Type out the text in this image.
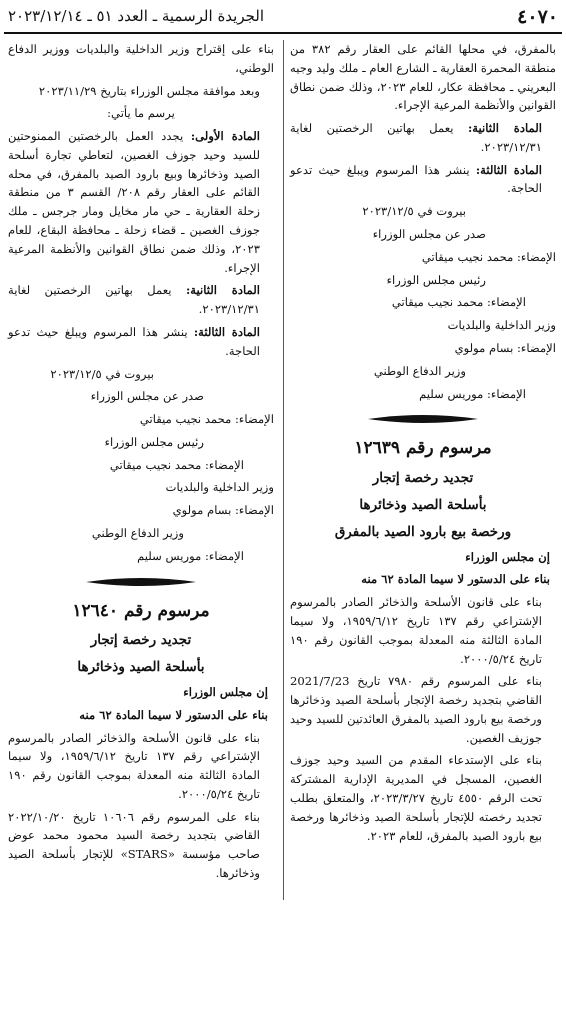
٤٠٧٠
الجريدة الرسمية ـ العدد ٥١ ـ ٢٠٢٣/١٢/١٤

بالمفرق، في محلها القائم على العقار رقم ٣٨٢ من منطقة المحمرة العقارية ـ الشارع العام ـ ملك وليد وجيه البعريني ـ محافظة عكار، للعام ٢٠٢٣، وذلك ضمن نطاق القوانين والأنظمة المرعية الإجراء.

المادة الثانية: يعمل بهاتين الرخصتين لغاية ٢٠٢٣/١٢/٣١.

المادة الثالثة: ينشر هذا المرسوم ويبلغ حيث تدعو الحاجة.

بيروت في ٢٠٢٣/١٢/٥

صدر عن مجلس الوزراء

الإمضاء: محمد نجيب ميقاتي

رئيس مجلس الوزراء

الإمضاء: محمد نجيب ميقاتي

وزير الداخلية والبلديات

الإمضاء: بسام مولوي

وزير الدفاع الوطني

الإمضاء: موريس سليم

مرسوم رقم ١٢٦٣٩

تجديد رخصة إتجار

بأسلحة الصيد وذخائرها

ورخصة بيع بارود الصيد بالمفرق

إن مجلس الوزراء

بناء على الدستور لا سيما المادة ٦٢ منه

بناء على قانون الأسلحة والذخائر الصادر بالمرسوم الإشتراعي رقم ١٣٧ تاريخ ١٩٥٩/٦/١٢، ولا سيما المادة الثالثة منه المعدلة بموجب القانون رقم ١٩٠ تاريخ ٢٠٠٠/٥/٢٤.

بناء على المرسوم رقم ٧٩٨٠ تاريخ 2021/7/23 القاضي بتجديد رخصة الإتجار بأسلحة الصيد وذخائرها ورخصة بيع بارود الصيد بالمفرق العائدتين للسيد وحيد جوزيف الغصين.

بناء على الإستدعاء المقدم من السيد وحيد جوزف الغصين، المسجل في المديرية الإدارية المشتركة تحت الرقم ٤٥٥٠ تاريخ ٢٠٢٣/٣/٢٧، والمتعلق بطلب تجديد رخصته للإتجار بأسلحة الصيد وذخائرها ورخصة بيع بارود الصيد بالمفرق، للعام ٢٠٢٣.

بناء على إقتراح وزير الداخلية والبلديات ووزير الدفاع الوطني،

وبعد موافقة مجلس الوزراء بتاريخ ٢٠٢٣/١١/٢٩

يرسم ما يأتي:

المادة الأولى: يجدد العمل بالرخصتين الممنوحتين للسيد وحيد جوزف الغصين، لتعاطي تجارة أسلحة الصيد وذخائرها وبيع بارود الصيد بالمفرق، في محله القائم على العقار رقم ٢٠٨/ القسم ٣ من منطقة زحلة العقارية ـ حي مار مخايل ومار جرجس ـ ملك جوزف الغصين ـ قضاء زحلة ـ محافظة البقاع، للعام ٢٠٢٣، وذلك ضمن نطاق القوانين والأنظمة المرعية الإجراء.

المادة الثانية: يعمل بهاتين الرخصتين لغاية ٢٠٢٣/١٢/٣١.

المادة الثالثة: ينشر هذا المرسوم ويبلغ حيث تدعو الحاجة.

بيروت في ٢٠٢٣/١٢/٥

صدر عن مجلس الوزراء

الإمضاء: محمد نجيب ميقاتي

رئيس مجلس الوزراء

الإمضاء: محمد نجيب ميقاتي

وزير الداخلية والبلديات

الإمضاء: بسام مولوي

وزير الدفاع الوطني

الإمضاء: موريس سليم

مرسوم رقم ١٢٦٤٠

تجديد رخصة إتجار

بأسلحة الصيد وذخائرها

إن مجلس الوزراء

بناء على الدستور لا سيما المادة ٦٢ منه

بناء على قانون الأسلحة والذخائر الصادر بالمرسوم الإشتراعي رقم ١٣٧ تاريخ ١٩٥٩/٦/١٢، ولا سيما المادة الثالثة منه المعدلة بموجب القانون رقم ١٩٠ تاريخ ٢٠٠٠/٥/٢٤.

بناء على المرسوم رقم ١٠٦٠٦ تاريخ ٢٠٢٢/١٠/٢٠ القاضي بتجديد رخصة السيد محمود محمد عوض صاحب مؤسسة «STARS» للإتجار بأسلحة الصيد وذخائرها.
